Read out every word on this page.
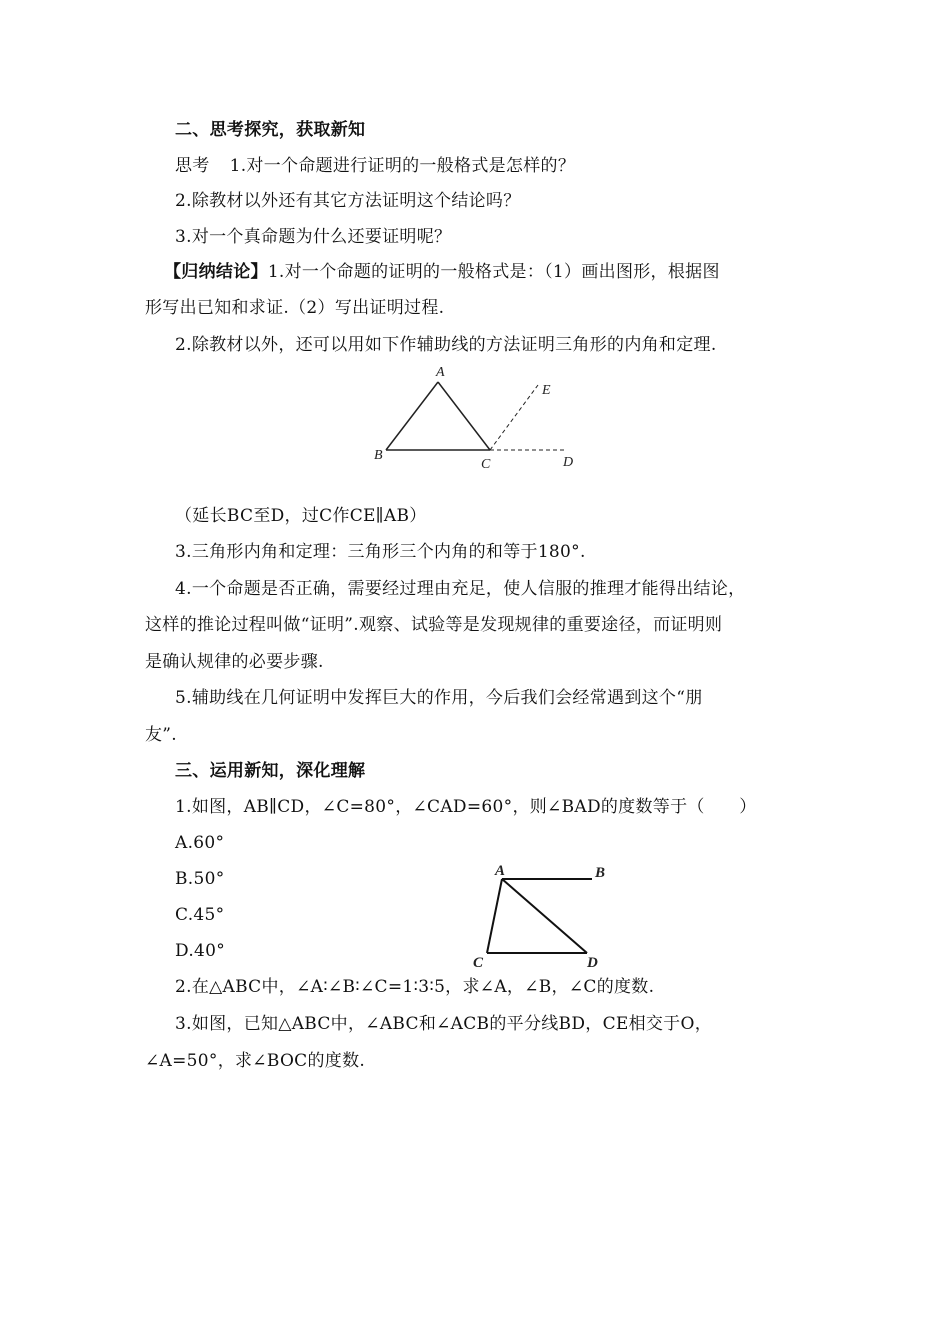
二、思考探究，获取新知
思考 1.对一个命题进行证明的一般格式是怎样的？
2.除教材以外还有其它方法证明这个结论吗？
3.对一个真命题为什么还要证明呢？
【归纳结论】1.对一个命题的证明的一般格式是：（1）画出图形，根据图
形写出已知和求证.（2）写出证明过程.
2.除教材以外，还可以用如下作辅助线的方法证明三角形的内角和定理.
A
B
C	D
E
（延长BC至D，过C作CE∥AB）
3.三角形内角和定理：三角形三个内角的和等于180°.
4.一个命题是否正确，需要经过理由充足，使人信服的推理才能得出结论，
这样的推论过程叫做“证明”.观察、试验等是发现规律的重要途径，而证明则
是确认规律的必要步骤.
5.辅助线在几何证明中发挥巨大的作用，今后我们会经常遇到这个“朋
友”.
三、运用新知，深化理解
1.如图，AB∥CD，∠C=80°，∠CAD=60°，则∠BAD的度数等于（　　）
A.60°
B.50°
C.45°
D.40°
A	B
C	D
2.在△ABC中，∠A∶∠B∶∠C=1∶3∶5，求∠A，∠B，∠C的度数.
3.如图，已知△ABC中，∠ABC和∠ACB的平分线BD，CE相交于O，
∠A=50°，求∠BOC的度数.
